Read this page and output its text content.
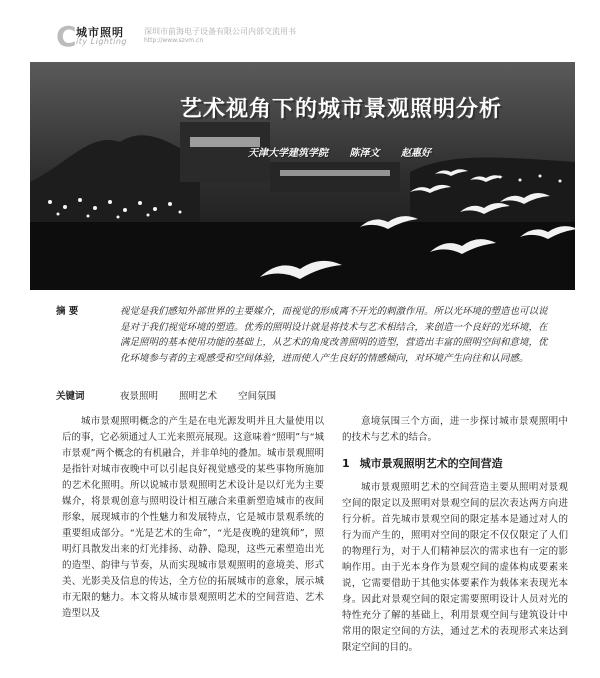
C 城市照明
ity Lighting
深圳市前海电子设备有限公司内部交流用书
http://www.szvm.cn
艺术视角下的城市景观照明分析
天津大学建筑学院 陈泽文 赵惠好
摘 要	视觉是我们感知外部世界的主要媒介，而视觉的形成离不开光的刺激作用。所以光环境的塑造也可以说是对于我们视觉环境的塑造。优秀的照明设计就是将技术与艺术相结合，来创造一个良好的光环境，在满足照明的基本使用功能的基础上，从艺术的角度改善照明的造型，营造出丰富的照明空间和意境，优化环境参与者的主观感受和空间体验，进而使人产生良好的情感倾向，对环境产生向往和认同感。
关键词	夜景照明 照明艺术 空间氛围
城市景观照明概念的产生是在电光源发明并且大量使用以后的事，它必须通过人工光来照亮展现。这意味着“照明”与“城市景观”两个概念的有机融合，并非单纯的叠加。城市景观照明是指针对城市夜晚中可以引起良好视觉感受的某些事物所施加的艺术化照明。所以说城市景观照明艺术设计是以灯光为主要媒介，将景观创意与照明设计相互融合来重新塑造城市的夜间形象，展现城市的个性魅力和发展特点，它是城市景观系统的重要组成部分。“光是艺术的生命”，“光是夜晚的建筑师”，照明灯具散发出来的灯光排扬、动静、隐现，这些元素塑造出光的造型、韵律与节奏，从而实现城市景观照明的意境美、形式美、光影美及信息的传达，全方位的拓展城市的意象，展示城市无限的魅力。本文将从城市景观照明艺术的空间营造、艺术造型以及

意境氛围三个方面，进一步探讨城市景观照明中的技术与艺术的结合。

1 城市景观照明艺术的空间营造

城市景观照明艺术的空间营造主要从照明对景观空间的限定以及照明对景观空间的层次表达两方向进行分析。首先城市景观空间的限定基本是通过对人的行为而产生的，照明对空间的限定不仅仅限定了人们的物理行为，对于人们精神层次的需求也有一定的影响作用。由于光本身作为景观空间的虚体构成要素来说，它需要借助于其他实体要素作为载体来表现光本身。因此对景观空间的限定需要照明设计人员对光的特性充分了解的基础上，利用景观空间与建筑设计中常用的限定空间的方法，通过艺术的表现形式来达到限定空间的目的。
